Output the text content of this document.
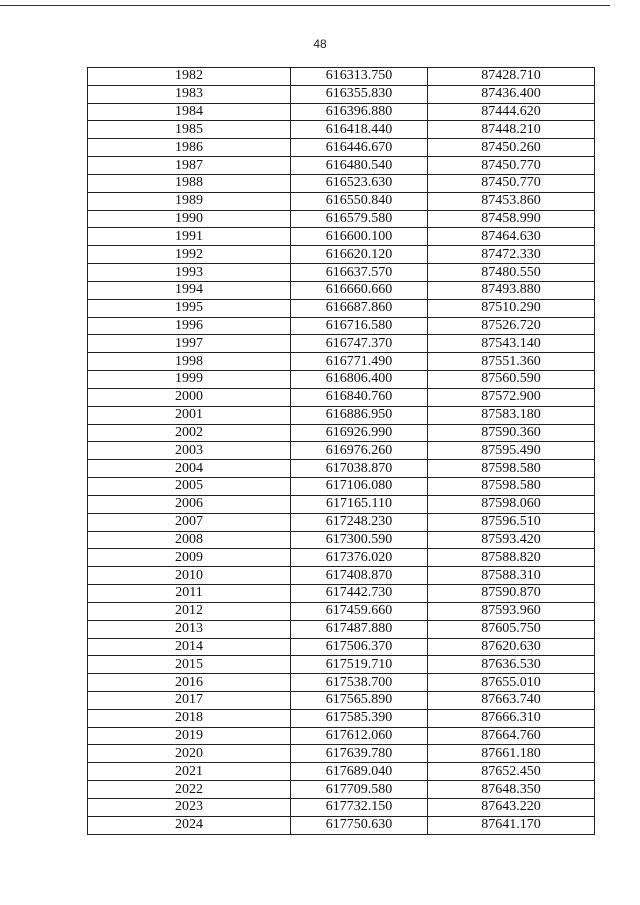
48
1982	616313.750	87428.710
1983	616355.830	87436.400
1984	616396.880	87444.620
1985	616418.440	87448.210
1986	616446.670	87450.260
1987	616480.540	87450.770
1988	616523.630	87450.770
1989	616550.840	87453.860
1990	616579.580	87458.990
1991	616600.100	87464.630
1992	616620.120	87472.330
1993	616637.570	87480.550
1994	616660.660	87493.880
1995	616687.860	87510.290
1996	616716.580	87526.720
1997	616747.370	87543.140
1998	616771.490	87551.360
1999	616806.400	87560.590
2000	616840.760	87572.900
2001	616886.950	87583.180
2002	616926.990	87590.360
2003	616976.260	87595.490
2004	617038.870	87598.580
2005	617106.080	87598.580
2006	617165.110	87598.060
2007	617248.230	87596.510
2008	617300.590	87593.420
2009	617376.020	87588.820
2010	617408.870	87588.310
2011	617442.730	87590.870
2012	617459.660	87593.960
2013	617487.880	87605.750
2014	617506.370	87620.630
2015	617519.710	87636.530
2016	617538.700	87655.010
2017	617565.890	87663.740
2018	617585.390	87666.310
2019	617612.060	87664.760
2020	617639.780	87661.180
2021	617689.040	87652.450
2022	617709.580	87648.350
2023	617732.150	87643.220
2024	617750.630	87641.170
